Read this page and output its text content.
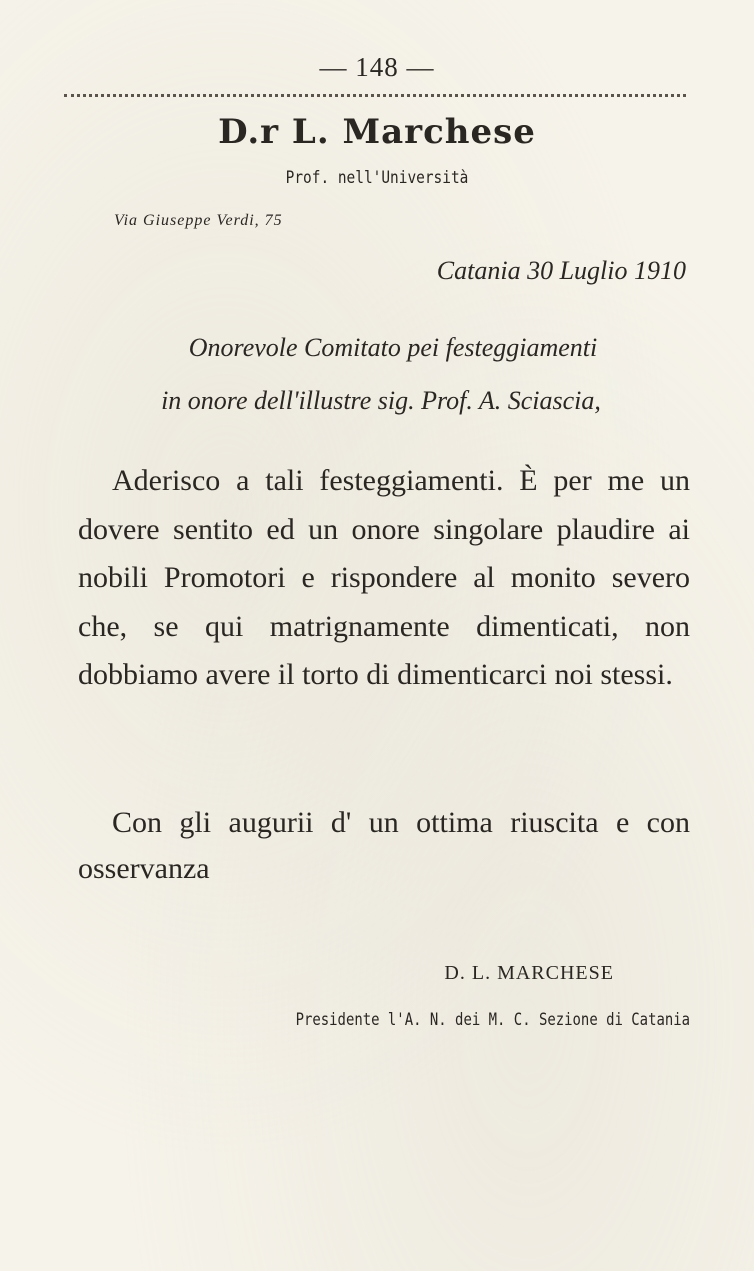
— 148 —
D.r L. Marchese
Prof. nell'Università
Via Giuseppe Verdi, 75
Catania 30 Luglio 1910
Onorevole Comitato pei festeggiamenti
in onore dell'illustre sig. Prof. A. Sciascia,

Aderisco a tali festeggiamenti. È per me un dovere sentito ed un onore singolare plaudire ai nobili Promotori e rispondere al monito severo che, se qui matrignamente dimenticati, non dobbiamo avere il torto di dimenticarci noi stessi.

Con gli augurii d' un ottima riuscita e con osservanza

D. L. MARCHESE
Presidente l'A. N. dei M. C. Sezione di Catania
